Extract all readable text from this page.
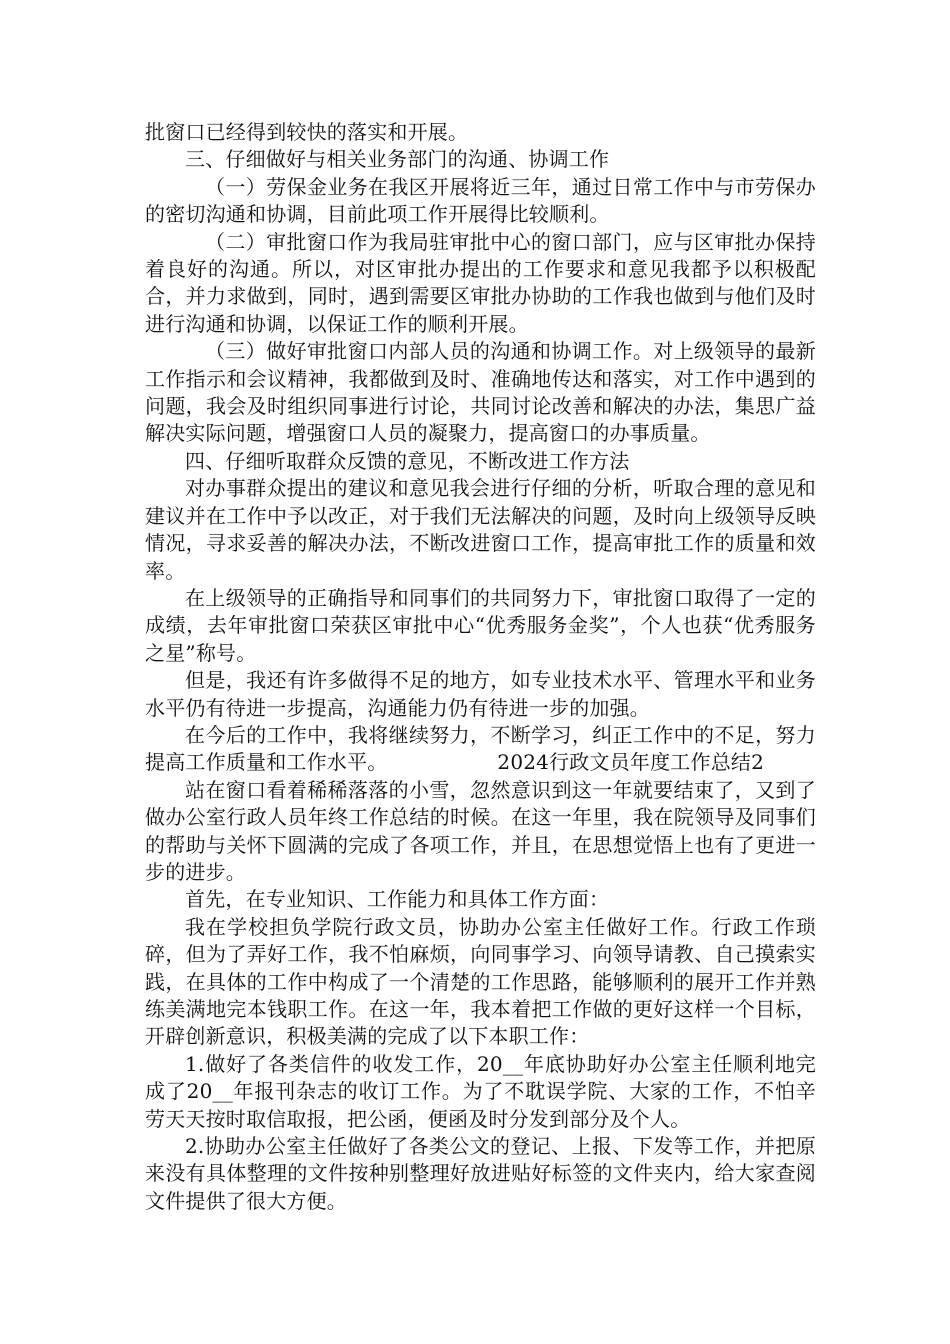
批窗口已经得到较快的落实和开展。

三、仔细做好与相关业务部门的沟通、协调工作

（一）劳保金业务在我区开展将近三年，通过日常工作中与市劳保办的密切沟通和协调，目前此项工作开展得比较顺利。

（二）审批窗口作为我局驻审批中心的窗口部门，应与区审批办保持着良好的沟通。所以，对区审批办提出的工作要求和意见我都予以积极配合，并力求做到，同时，遇到需要区审批办协助的工作我也做到与他们及时进行沟通和协调，以保证工作的顺利开展。

（三）做好审批窗口内部人员的沟通和协调工作。对上级领导的最新工作指示和会议精神，我都做到及时、准确地传达和落实，对工作中遇到的问题，我会及时组织同事进行讨论，共同讨论改善和解决的办法，集思广益解决实际问题，增强窗口人员的凝聚力，提高窗口的办事质量。

四、仔细听取群众反馈的意见，不断改进工作方法

对办事群众提出的建议和意见我会进行仔细的分析，听取合理的意见和建议并在工作中予以改正，对于我们无法解决的问题，及时向上级领导反映情况，寻求妥善的解决办法，不断改进窗口工作，提高审批工作的质量和效率。

在上级领导的正确指导和同事们的共同努力下，审批窗口取得了一定的成绩，去年审批窗口荣获区审批中心“优秀服务金奖”，个人也获“优秀服务之星”称号。

但是，我还有许多做得不足的地方，如专业技术水平、管理水平和业务水平仍有待进一步提高，沟通能力仍有待进一步的加强。

在今后的工作中，我将继续努力，不断学习，纠正工作中的不足，努力提高工作质量和工作水平。	2024行政文员年度工作总结2

站在窗口看着稀稀落落的小雪，忽然意识到这一年就要结束了，又到了做办公室行政人员年终工作总结的时候。在这一年里，我在院领导及同事们的帮助与关怀下圆满的完成了各项工作，并且，在思想觉悟上也有了更进一步的进步。

首先，在专业知识、工作能力和具体工作方面：

我在学校担负学院行政文员，协助办公室主任做好工作。行政工作琐碎，但为了弄好工作，我不怕麻烦，向同事学习、向领导请教、自己摸索实践，在具体的工作中构成了一个清楚的工作思路，能够顺利的展开工作并熟练美满地完本钱职工作。在这一年，我本着把工作做的更好这样一个目标，开辟创新意识，积极美满的完成了以下本职工作：

1.做好了各类信件的收发工作，20__年底协助好办公室主任顺利地完成了20__年报刊杂志的收订工作。为了不耽误学院、大家的工作，不怕辛劳天天按时取信取报，把公函，便函及时分发到部分及个人。

2.协助办公室主任做好了各类公文的登记、上报、下发等工作，并把原来没有具体整理的文件按种别整理好放进贴好标签的文件夹内，给大家查阅文件提供了很大方便。
